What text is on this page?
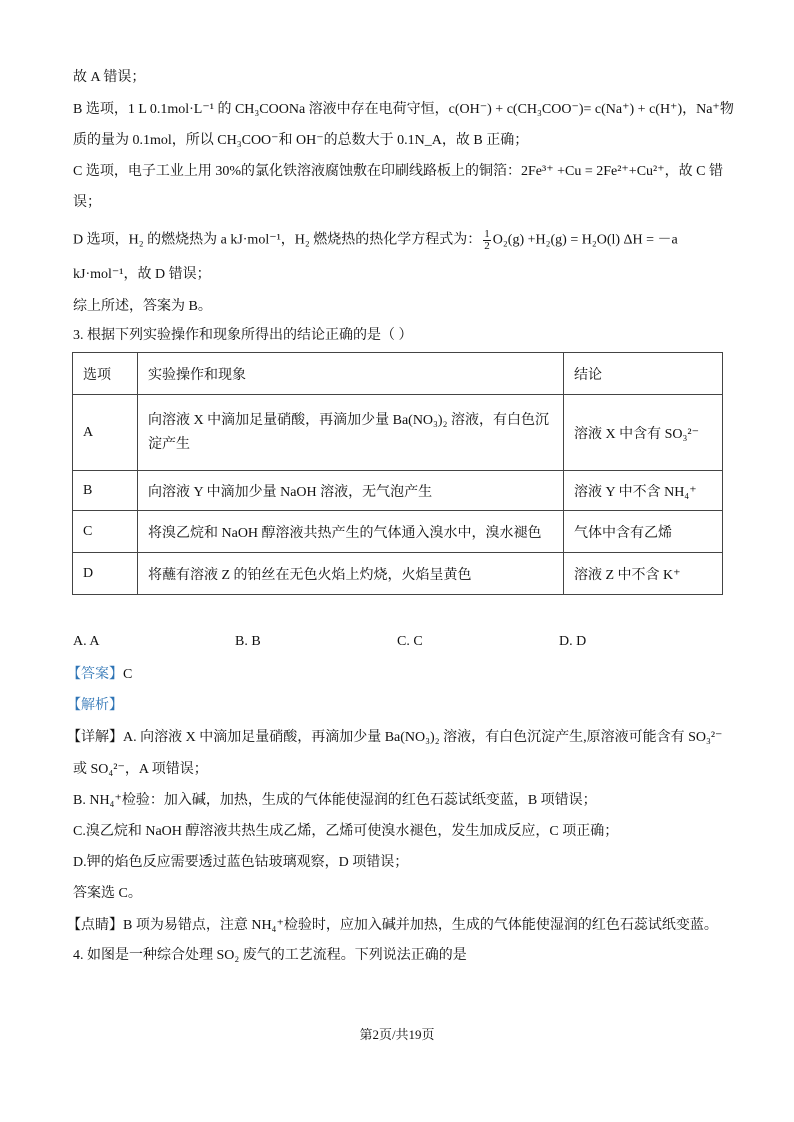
故 A 错误；
B 选项，1 L 0.1mol·L⁻¹ 的 CH₃COONa 溶液中存在电荷守恒，c(OH⁻) + c(CH₃COO⁻)= c(Na⁺) + c(H⁺)，Na⁺物
质的量为 0.1mol，所以 CH₃COO⁻和 OH⁻的总数大于 0.1N_A，故 B 正确；
C 选项，电子工业上用 30%的氯化铁溶液腐蚀敷在印刷线路板上的铜箔：2Fe³⁺ +Cu = 2Fe²⁺+Cu²⁺，故 C 错
误；
D 选项，H₂ 的燃烧热为 a kJ·mol⁻¹，H₂ 燃烧热的热化学方程式为： $\frac{1}{2} O_2(g) +H_2(g) = H_2O(l) \Delta H = -a$
kJ·mol⁻¹，故 D 错误；
综上所述，答案为 B。
3. 根据下列实验操作和现象所得出的结论正确的是（ ）
选项	实验操作和现象	结论
A	向溶液 X 中滴加足量硝酸，再滴加少量 Ba(NO₃)₂ 溶液，有白色沉
淀产生	溶液 X 中含有 SO₃²⁻
B	向溶液 Y 中滴加少量 NaOH 溶液，无气泡产生	溶液 Y 中不含 NH₄⁺
C	将溴乙烷和 NaOH 醇溶液共热产生的气体通入溴水中，溴水褪色	气体中含有乙烯
D	将蘸有溶液 Z 的铂丝在无色火焰上灼烧，火焰呈黄色	溶液 Z 中不含 K⁺
A. A	B. B	C. C	D. D
【答案】C
【解析】
【详解】A. 向溶液 X 中滴加足量硝酸，再滴加少量 Ba(NO₃)₂ 溶液，有白色沉淀产生,原溶液可能含有 SO₃²⁻
或 SO₄²⁻，A 项错误；
B. NH₄⁺检验：加入碱，加热，生成的气体能使湿润的红色石蕊试纸变蓝，B 项错误；
C.溴乙烷和 NaOH 醇溶液共热生成乙烯，乙烯可使溴水褪色，发生加成反应，C 项正确；
D.钾的焰色反应需要透过蓝色钴玻璃观察，D 项错误；
答案选 C。
【点睛】B 项为易错点，注意 NH₄⁺检验时，应加入碱并加热，生成的气体能使湿润的红色石蕊试纸变蓝。
4. 如图是一种综合处理 SO₂ 废气的工艺流程。下列说法正确的是
第2页/共19页
